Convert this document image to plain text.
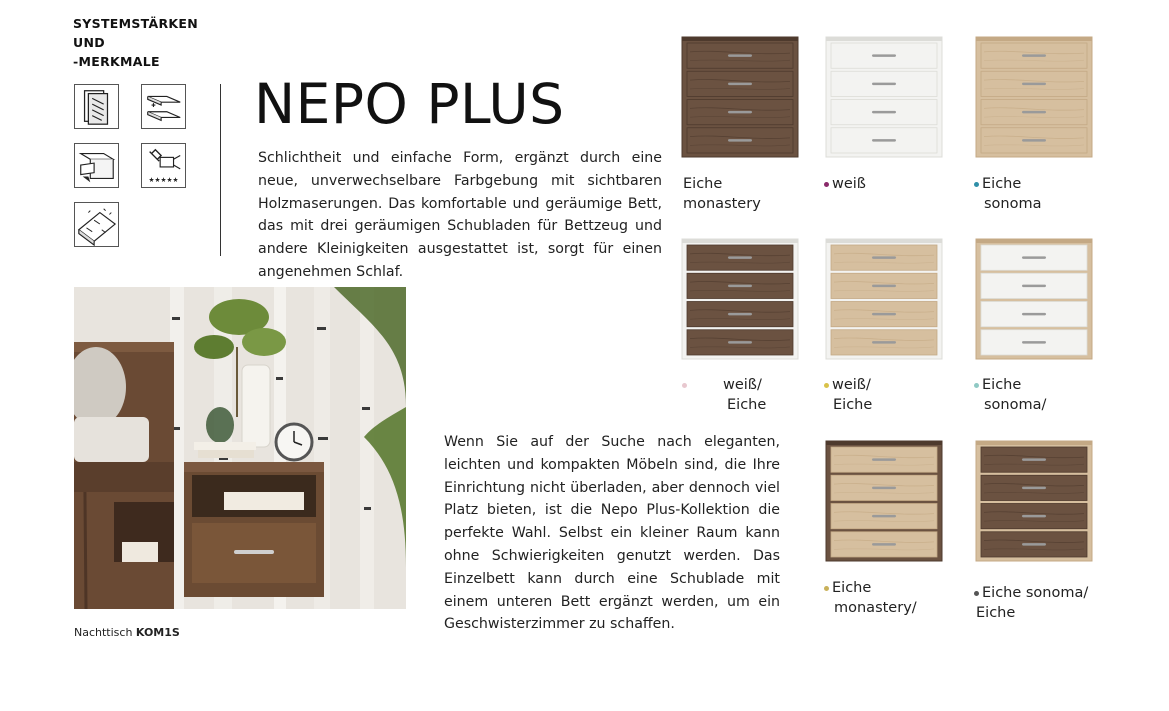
SYSTEMSTÄRKEN
UND
-MERKMALE
★★★★★
NEPO PLUS
Schlichtheit und einfache Form, ergänzt durch eine neue, unverwechselbare Farbgebung mit sichtbaren Holzmaserungen. Das komfortable und geräumige Bett, das mit drei geräumigen Schubladen für Bettzeug und andere Kleinigkeiten ausgestattet ist, sorgt für einen angenehmen Schlaf.
Wenn Sie auf der Suche nach eleganten, leichten und kompakten Möbeln sind, die Ihre Einrichtung nicht überladen, aber dennoch viel Platz bieten, ist die Nepo Plus-Kollektion die perfekte Wahl. Selbst ein kleiner Raum kann ohne Schwierigkeiten genutzt werden. Das Einzelbett kann durch eine Schublade mit einem unteren Bett ergänzt werden, um ein Geschwisterzimmer zu schaffen.
Nachttisch KOM1S
Eiche
monastery
weiß	Eiche
sonoma
weiß/
Eiche
weiß/
Eiche
Eiche
sonoma/
Eiche
monastery/
Eiche sonoma/
Eiche
